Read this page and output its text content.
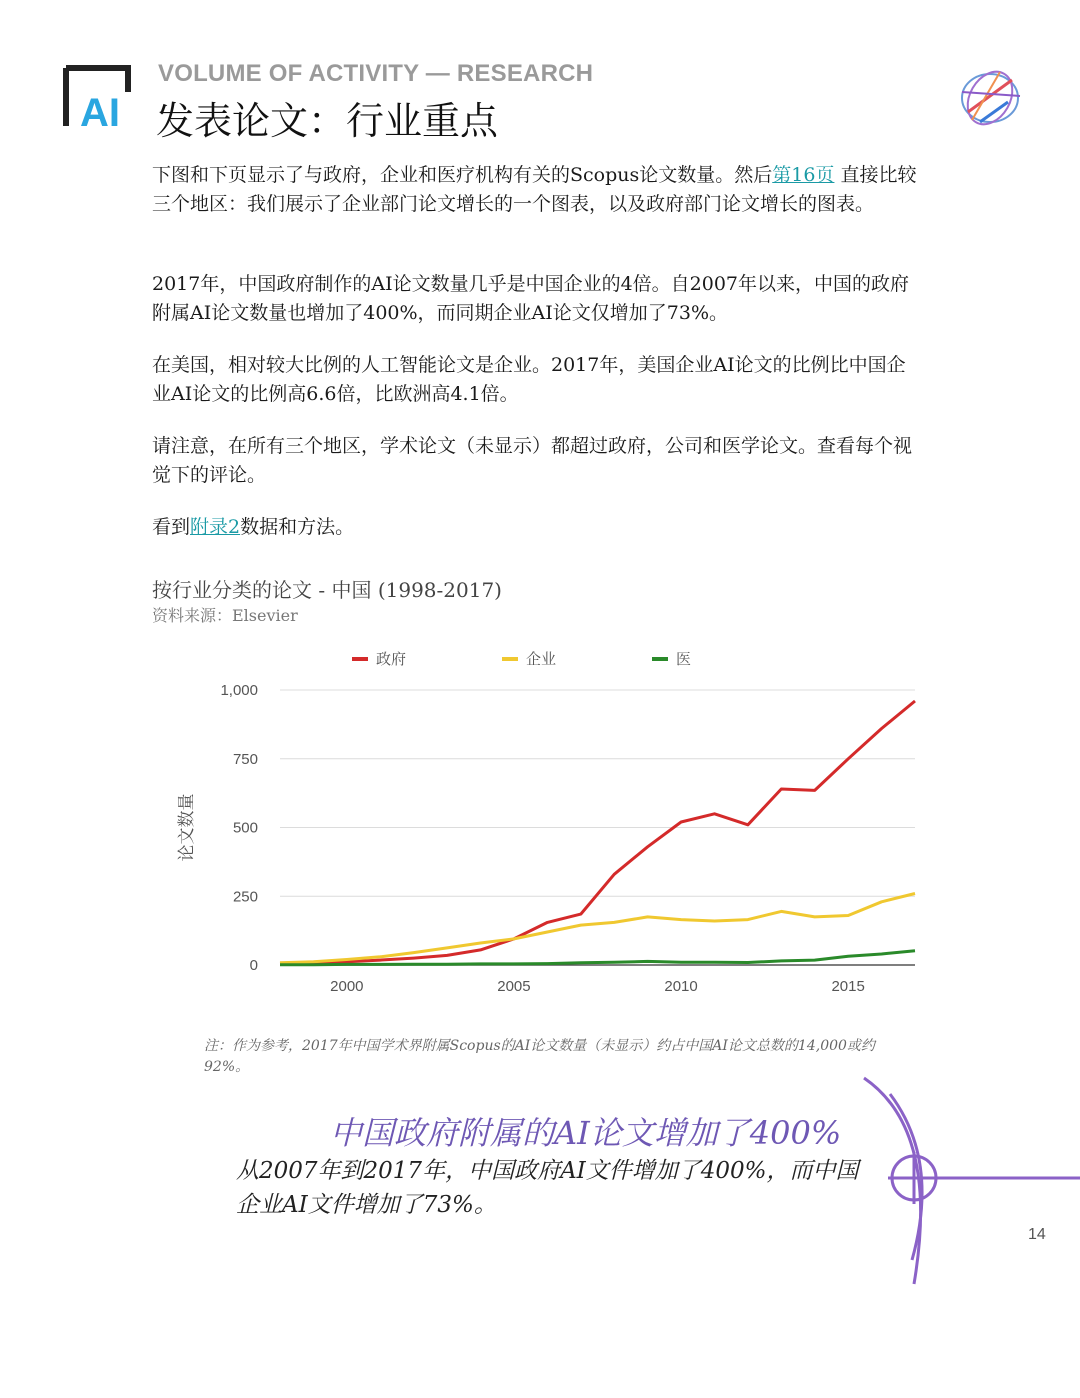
AI
VOLUME OF ACTIVITY — RESEARCH
发表论文：行业重点

下图和下页显示了与政府，企业和医疗机构有关的Scopus论文数量。然后第16页 直接比较三个地区：我们展示了企业部门论文增长的一个图表，以及政府部门论文增长的图表。

2017年，中国政府制作的AI论文数量几乎是中国企业的4倍。自2007年以来，中国的政府附属AI论文数量也增加了400%，而同期企业AI论文仅增加了73%。

在美国，相对较大比例的人工智能论文是企业。2017年，美国企业AI论文的比例比中国企业AI论文的比例高6.6倍，比欧洲高4.1倍。

请注意，在所有三个地区，学术论文（未显示）都超过政府，公司和医学论文。查看每个视觉下的评论。

看到附录2数据和方法。

按行业分类的论文 - 中国 (1998-2017)
资料来源：Elsevier
0
250
500
750
1,000
2000	2005	2010	2015
论文数量
政府	企业	医

注：作为参考，2017年中国学术界附属Scopus的AI论文数量（未显示）约占中国AI论文总数的14,000或约92%。

中国政府附属的AI论文增加了400%

从2007年到2017年，中国政府AI文件增加了400%，而中国企业AI文件增加了73%。

14
